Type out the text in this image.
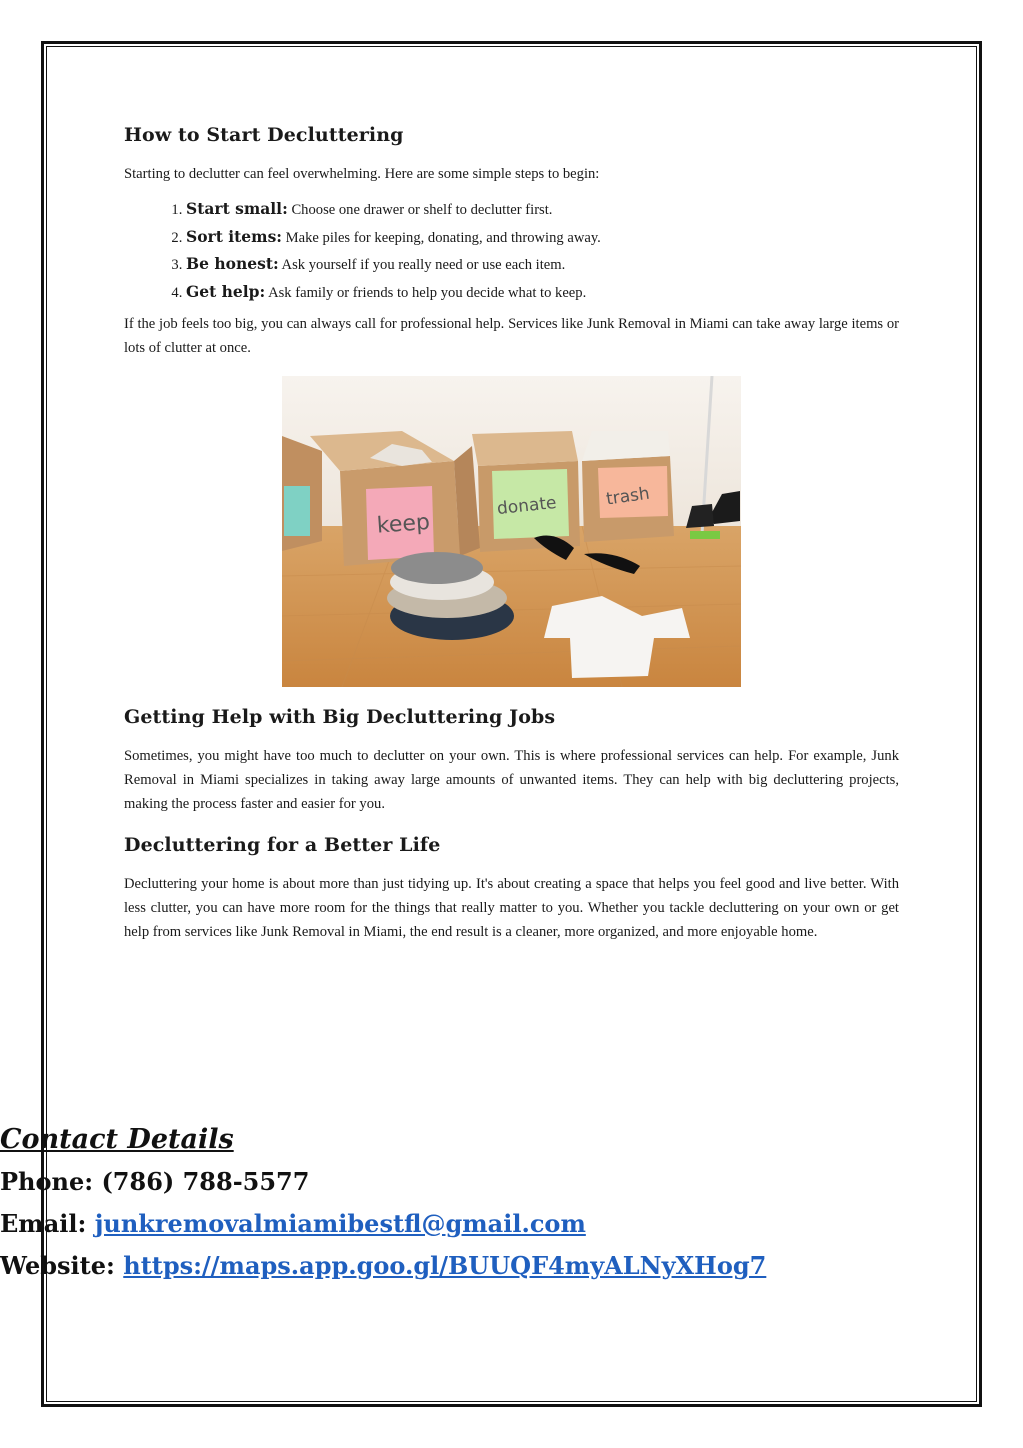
How to Start Decluttering

Starting to declutter can feel overwhelming. Here are some simple steps to begin:

1. Start small: Choose one drawer or shelf to declutter first.
2. Sort items: Make piles for keeping, donating, and throwing away.
3. Be honest: Ask yourself if you really need or use each item.
4. Get help: Ask family or friends to help you decide what to keep.

If the job feels too big, you can always call for professional help. Services like Junk Removal in Miami can take away large items or lots of clutter at once.

keep
donate	trash
Getting Help with Big Decluttering Jobs

Sometimes, you might have too much to declutter on your own. This is where professional services can help. For example, Junk Removal in Miami specializes in taking away large amounts of unwanted items. They can help with big decluttering projects, making the process faster and easier for you.

Decluttering for a Better Life

Decluttering your home is about more than just tidying up. It's about creating a space that helps you feel good and live better. With less clutter, you can have more room for the things that really matter to you. Whether you tackle decluttering on your own or get help from services like Junk Removal in Miami, the end result is a cleaner, more organized, and more enjoyable home.

Contact Details

Phone: (786) 788-5577

Email: junkremovalmiamibestfl@gmail.com

Website: https://maps.app.goo.gl/BUUQF4myALNyXHog7
